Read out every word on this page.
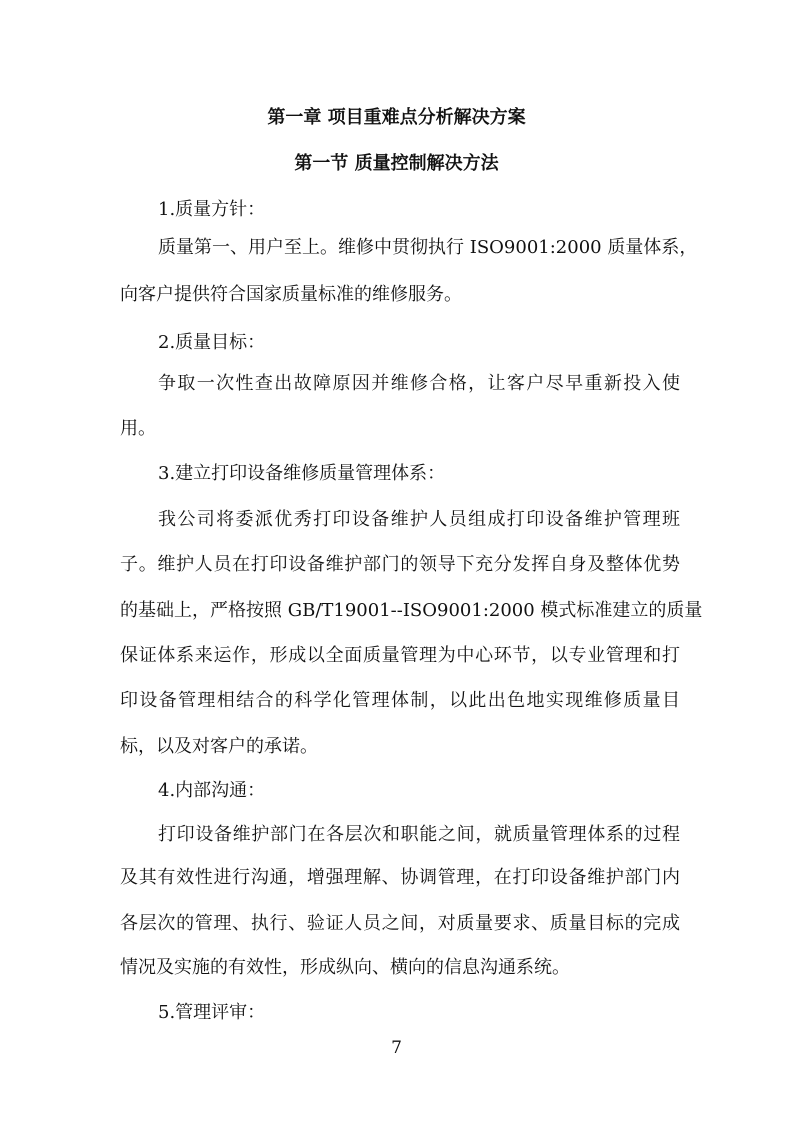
第一章 项目重难点分析解决方案
第一节 质量控制解决方法
1.质量方针：
质量第一、用户至上。维修中贯彻执行 ISO9001:2000 质量体系，
向客户提供符合国家质量标准的维修服务。
2.质量目标：
争取一次性查出故障原因并维修合格，让客户尽早重新投入使
用。
3.建立打印设备维修质量管理体系：
我公司将委派优秀打印设备维护人员组成打印设备维护管理班
子。维护人员在打印设备维护部门的领导下充分发挥自身及整体优势
的基础上，严格按照 GB/T19001--ISO9001:2000 模式标准建立的质量
保证体系来运作，形成以全面质量管理为中心环节，以专业管理和打
印设备管理相结合的科学化管理体制，以此出色地实现维修质量目
标，以及对客户的承诺。
4.内部沟通：
打印设备维护部门在各层次和职能之间，就质量管理体系的过程
及其有效性进行沟通，增强理解、协调管理，在打印设备维护部门内
各层次的管理、执行、验证人员之间，对质量要求、质量目标的完成
情况及实施的有效性，形成纵向、横向的信息沟通系统。
5.管理评审：
7
